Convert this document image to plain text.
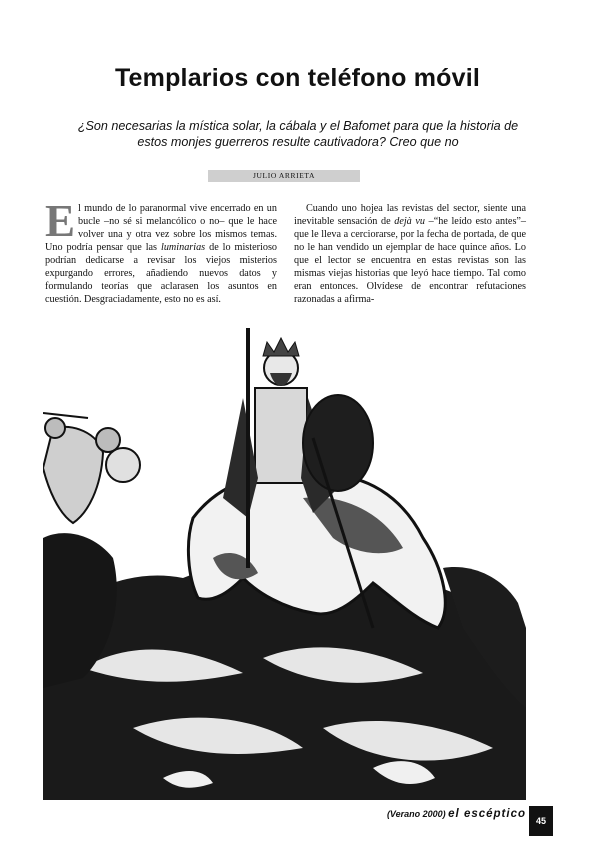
Templarios con teléfono móvil

¿Son necesarias la mística solar, la cábala y el Bafomet para que la historia de estos monjes guerreros resulte cautivadora? Creo que no

JULIO ARRIETA

El mundo de lo paranormal vive encerrado en un bucle –no sé si melancólico o no– que le hace volver una y otra vez sobre los mismos temas. Uno podría pensar que las luminarias de lo misterioso podrían dedicarse a revisar los viejos misterios expurgando errores, añadiendo nuevos datos y formulando teorías que aclarasen los asuntos en cuestión. Desgraciadamente, esto no es así.

Cuando uno hojea las revistas del sector, siente una inevitable sensación de dejà vu –“he leído esto antes”– que le lleva a cerciorarse, por la fecha de portada, de que no le han vendido un ejemplar de hace quince años. Lo que el lector se encuentra en estas revistas son las mismas viejas historias que leyó hace tiempo. Tal como eran entonces. Olvídese de encontrar refutaciones razonadas a afirma-

(Verano 2000) el escéptico
45
